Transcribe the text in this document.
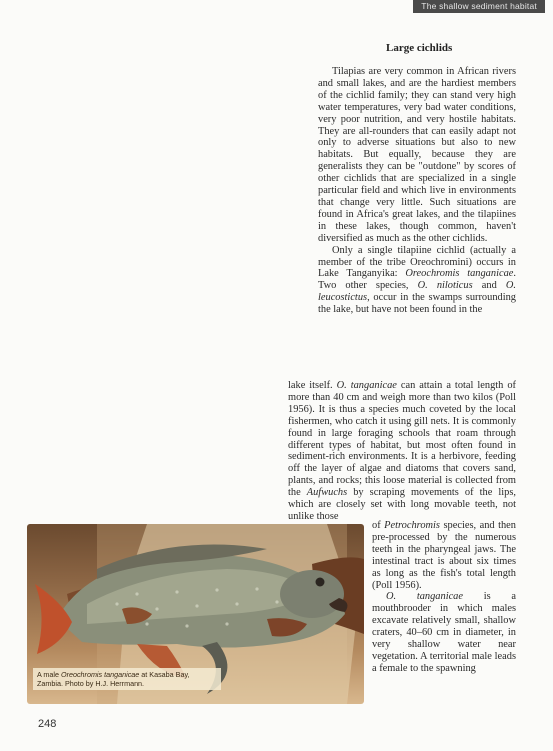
The shallow sediment habitat
Large cichlids

Tilapias are very common in African rivers and small lakes, and are the hardiest members of the cichlid family; they can stand very high water temperatures, very bad water conditions, very poor nutrition, and very hostile habitats. They are all-rounders that can easily adapt not only to adverse situations but also to new habitats. But equally, because they are generalists they can be "outdone" by scores of other cichlids that are specialized in a single particular field and which live in environments that change very little. Such situations are found in Africa's great lakes, and the tilapiines in these lakes, though common, haven't diversified as much as the other cichlids.

Only a single tilapiine cichlid (actually a member of the tribe Oreochromini) occurs in Lake Tanganyika: Oreochromis tanganicae. Two other species, O. niloticus and O. leucostictus, occur in the swamps surrounding the lake, but have not been found in the

lake itself. O. tanganicae can attain a total length of more than 40 cm and weigh more than two kilos (Poll 1956). It is thus a species much coveted by the local fishermen, who catch it using gill nets. It is commonly found in large foraging schools that roam through different types of habitat, but most often found in sediment-rich environments. It is a herbivore, feeding off the layer of algae and diatoms that covers sand, plants, and rocks; this loose material is collected from the Aufwuchs by scraping movements of the lips, which are closely set with long movable teeth, not unlike those

of Petrochromis species, and then pre-processed by the numerous teeth in the pharyngeal jaws. The intestinal tract is about six times as long as the fish's total length (Poll 1956).

O. tanganicae is a mouthbrooder in which males excavate relatively small, shallow craters, 40–60 cm in diameter, in very shallow water near vegetation. A territorial male leads a female to the spawning

A male Oreochromis tanganicae at Kasaba Bay, Zambia. Photo by H.J. Herrmann.
248
